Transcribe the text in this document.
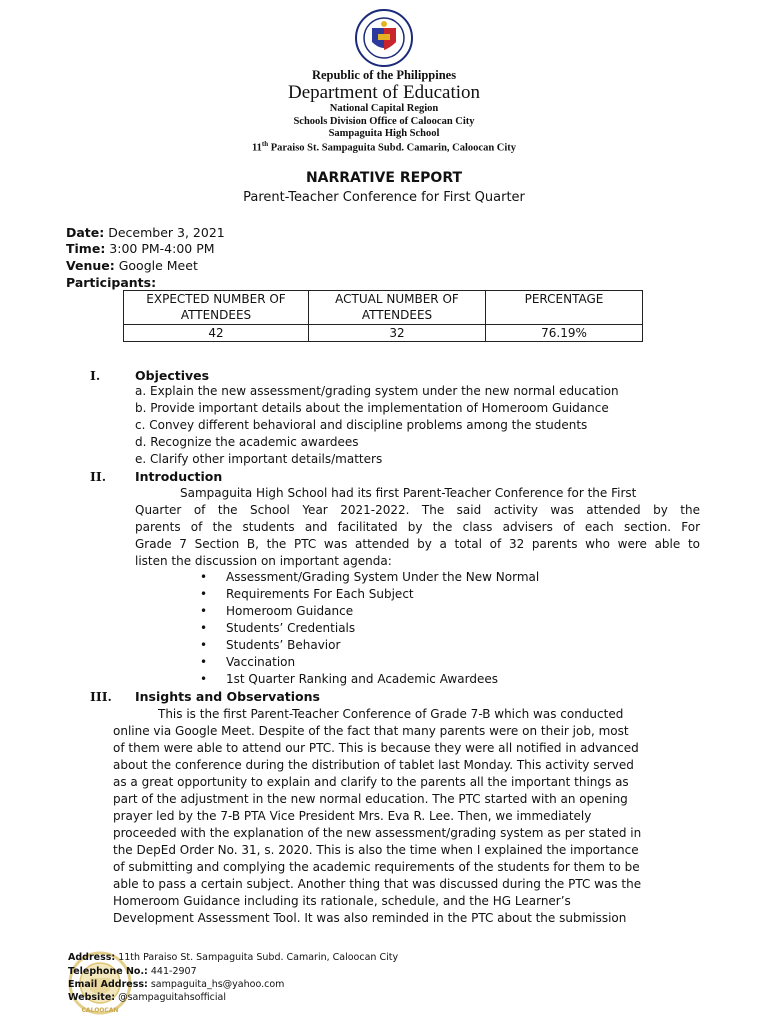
Republic of the Philippines
Department of Education
National Capital Region
Schools Division Office of Caloocan City
Sampaguita High School
11th Paraiso St. Sampaguita Subd. Camarin, Caloocan City
NARRATIVE REPORT
Parent-Teacher Conference for First Quarter
Date: December 3, 2021
Time: 3:00 PM-4:00 PM
Venue: Google Meet
Participants:
EXPECTED NUMBER OF ATTENDEES	ACTUAL NUMBER OF ATTENDEES	PERCENTAGE
42	32	76.19%
I.	Objectives
a. Explain the new assessment/grading system under the new normal education
b. Provide important details about the implementation of Homeroom Guidance
c. Convey different behavioral and discipline problems among the students
d. Recognize the academic awardees
e. Clarify other important details/matters
II. Introduction
Sampaguita High School had its first Parent-Teacher Conference for the First
Quarter of the School Year 2021-2022. The said activity was attended by the
parents of the students and facilitated by the class advisers of each section. For
Grade 7 Section B, the PTC was attended by a total of 32 parents who were able to
listen the discussion on important agenda:
• Assessment/Grading System Under the New Normal
• Requirements For Each Subject
• Homeroom Guidance
• Students’ Credentials
• Students’ Behavior
• Vaccination
• 1st Quarter Ranking and Academic Awardees
III. Insights and Observations
This is the first Parent-Teacher Conference of Grade 7-B which was conducted
online via Google Meet. Despite of the fact that many parents were on their job, most
of them were able to attend our PTC. This is because they were all notified in advanced
about the conference during the distribution of tablet last Monday. This activity served
as a great opportunity to explain and clarify to the parents all the important things as
part of the adjustment in the new normal education. The PTC started with an opening
prayer led by the 7-B PTA Vice President Mrs. Eva R. Lee. Then, we immediately
proceeded with the explanation of the new assessment/grading system as per stated in
the DepEd Order No. 31, s. 2020. This is also the time when I explained the importance
of submitting and complying the academic requirements of the students for them to be
able to pass a certain subject. Another thing that was discussed during the PTC was the
Homeroom Guidance including its rationale, schedule, and the HG Learner’s
Development Assessment Tool. It was also reminded in the PTC about the submission
CALOOCAN
Address: 11th Paraiso St. Sampaguita Subd. Camarin, Caloocan City
Telephone No.: 441-2907
Email Address: sampaguita_hs@yahoo.com
Website: @sampaguitahsofficial
